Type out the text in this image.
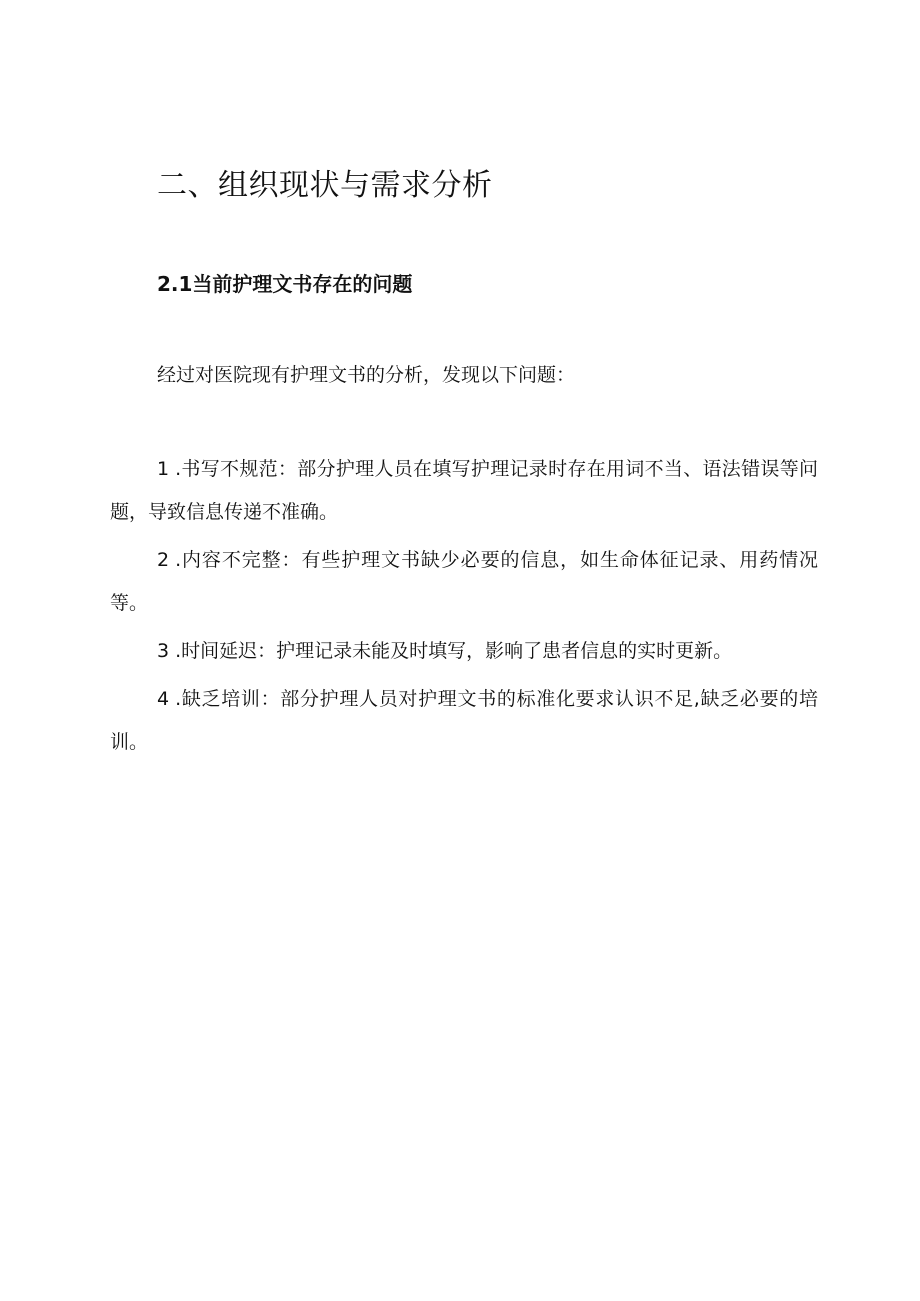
二、组织现状与需求分析
2.1当前护理文书存在的问题

经过对医院现有护理文书的分析，发现以下问题：

1 .书写不规范：部分护理人员在填写护理记录时存在用词不当、语法错误等问题，导致信息传递不准确。
2 .内容不完整：有些护理文书缺少必要的信息，如生命体征记录、用药情况等。
3 .时间延迟：护理记录未能及时填写，影响了患者信息的实时更新。
4 .缺乏培训：部分护理人员对护理文书的标准化要求认识不足,缺乏必要的培训。
